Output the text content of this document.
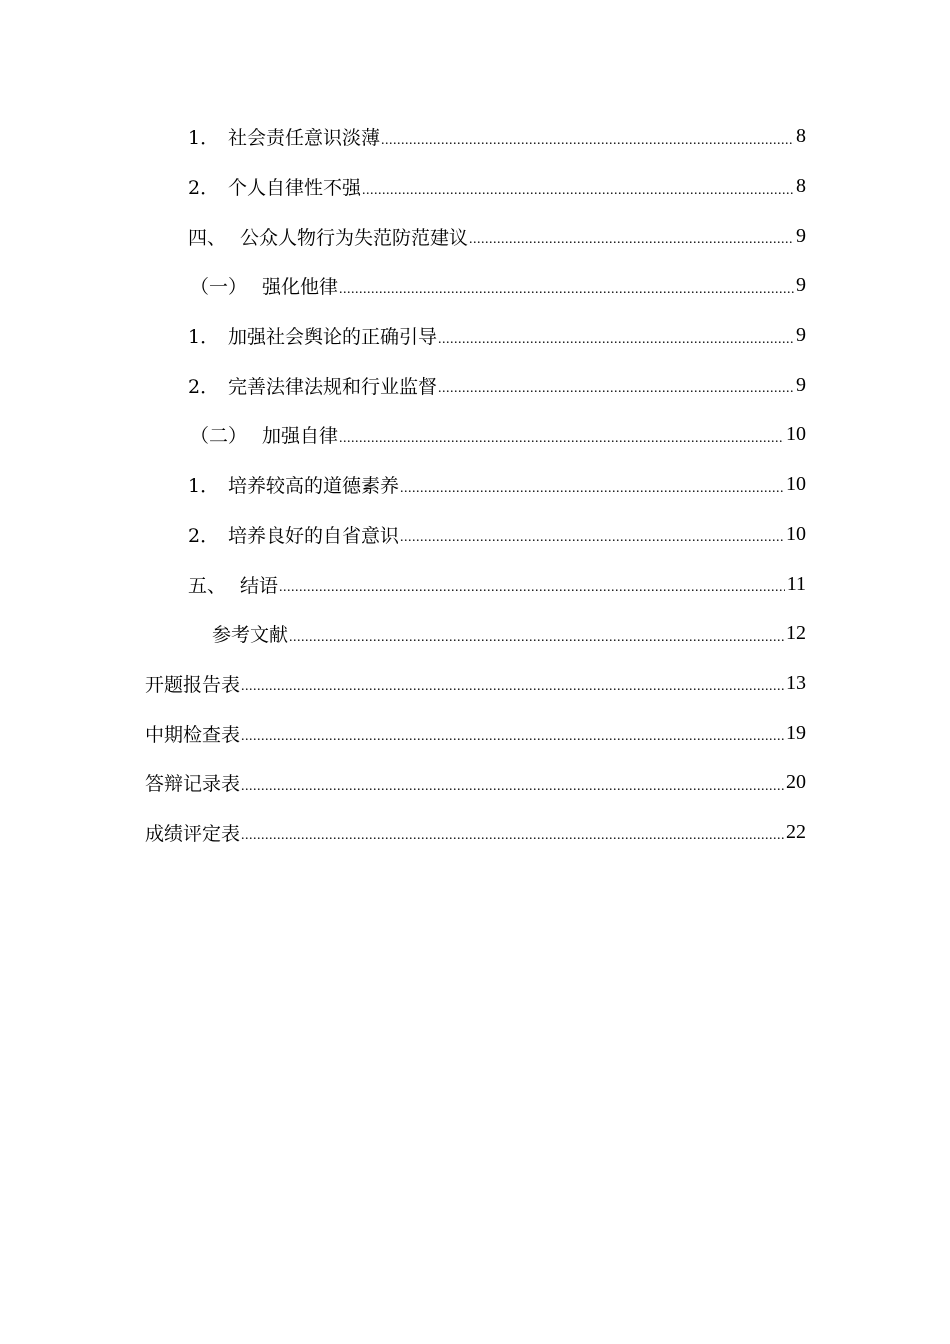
1． 社会责任意识淡薄 .....	8
2． 个人自律性不强 .....	8
四、 公众人物行为失范防范建议 .....	9
（一） 强化他律 .....	9
1． 加强社会舆论的正确引导 .....	9
2． 完善法律法规和行业监督 .....	9
（二） 加强自律 .....	10
1． 培养较高的道德素养 .....	10
2． 培养良好的自省意识 .....	10
五、 结语 .....	11
参考文献 .....	12
开题报告表 .....	13
中期检查表 .....	19
答辩记录表 .....	20
成绩评定表 .....	22
